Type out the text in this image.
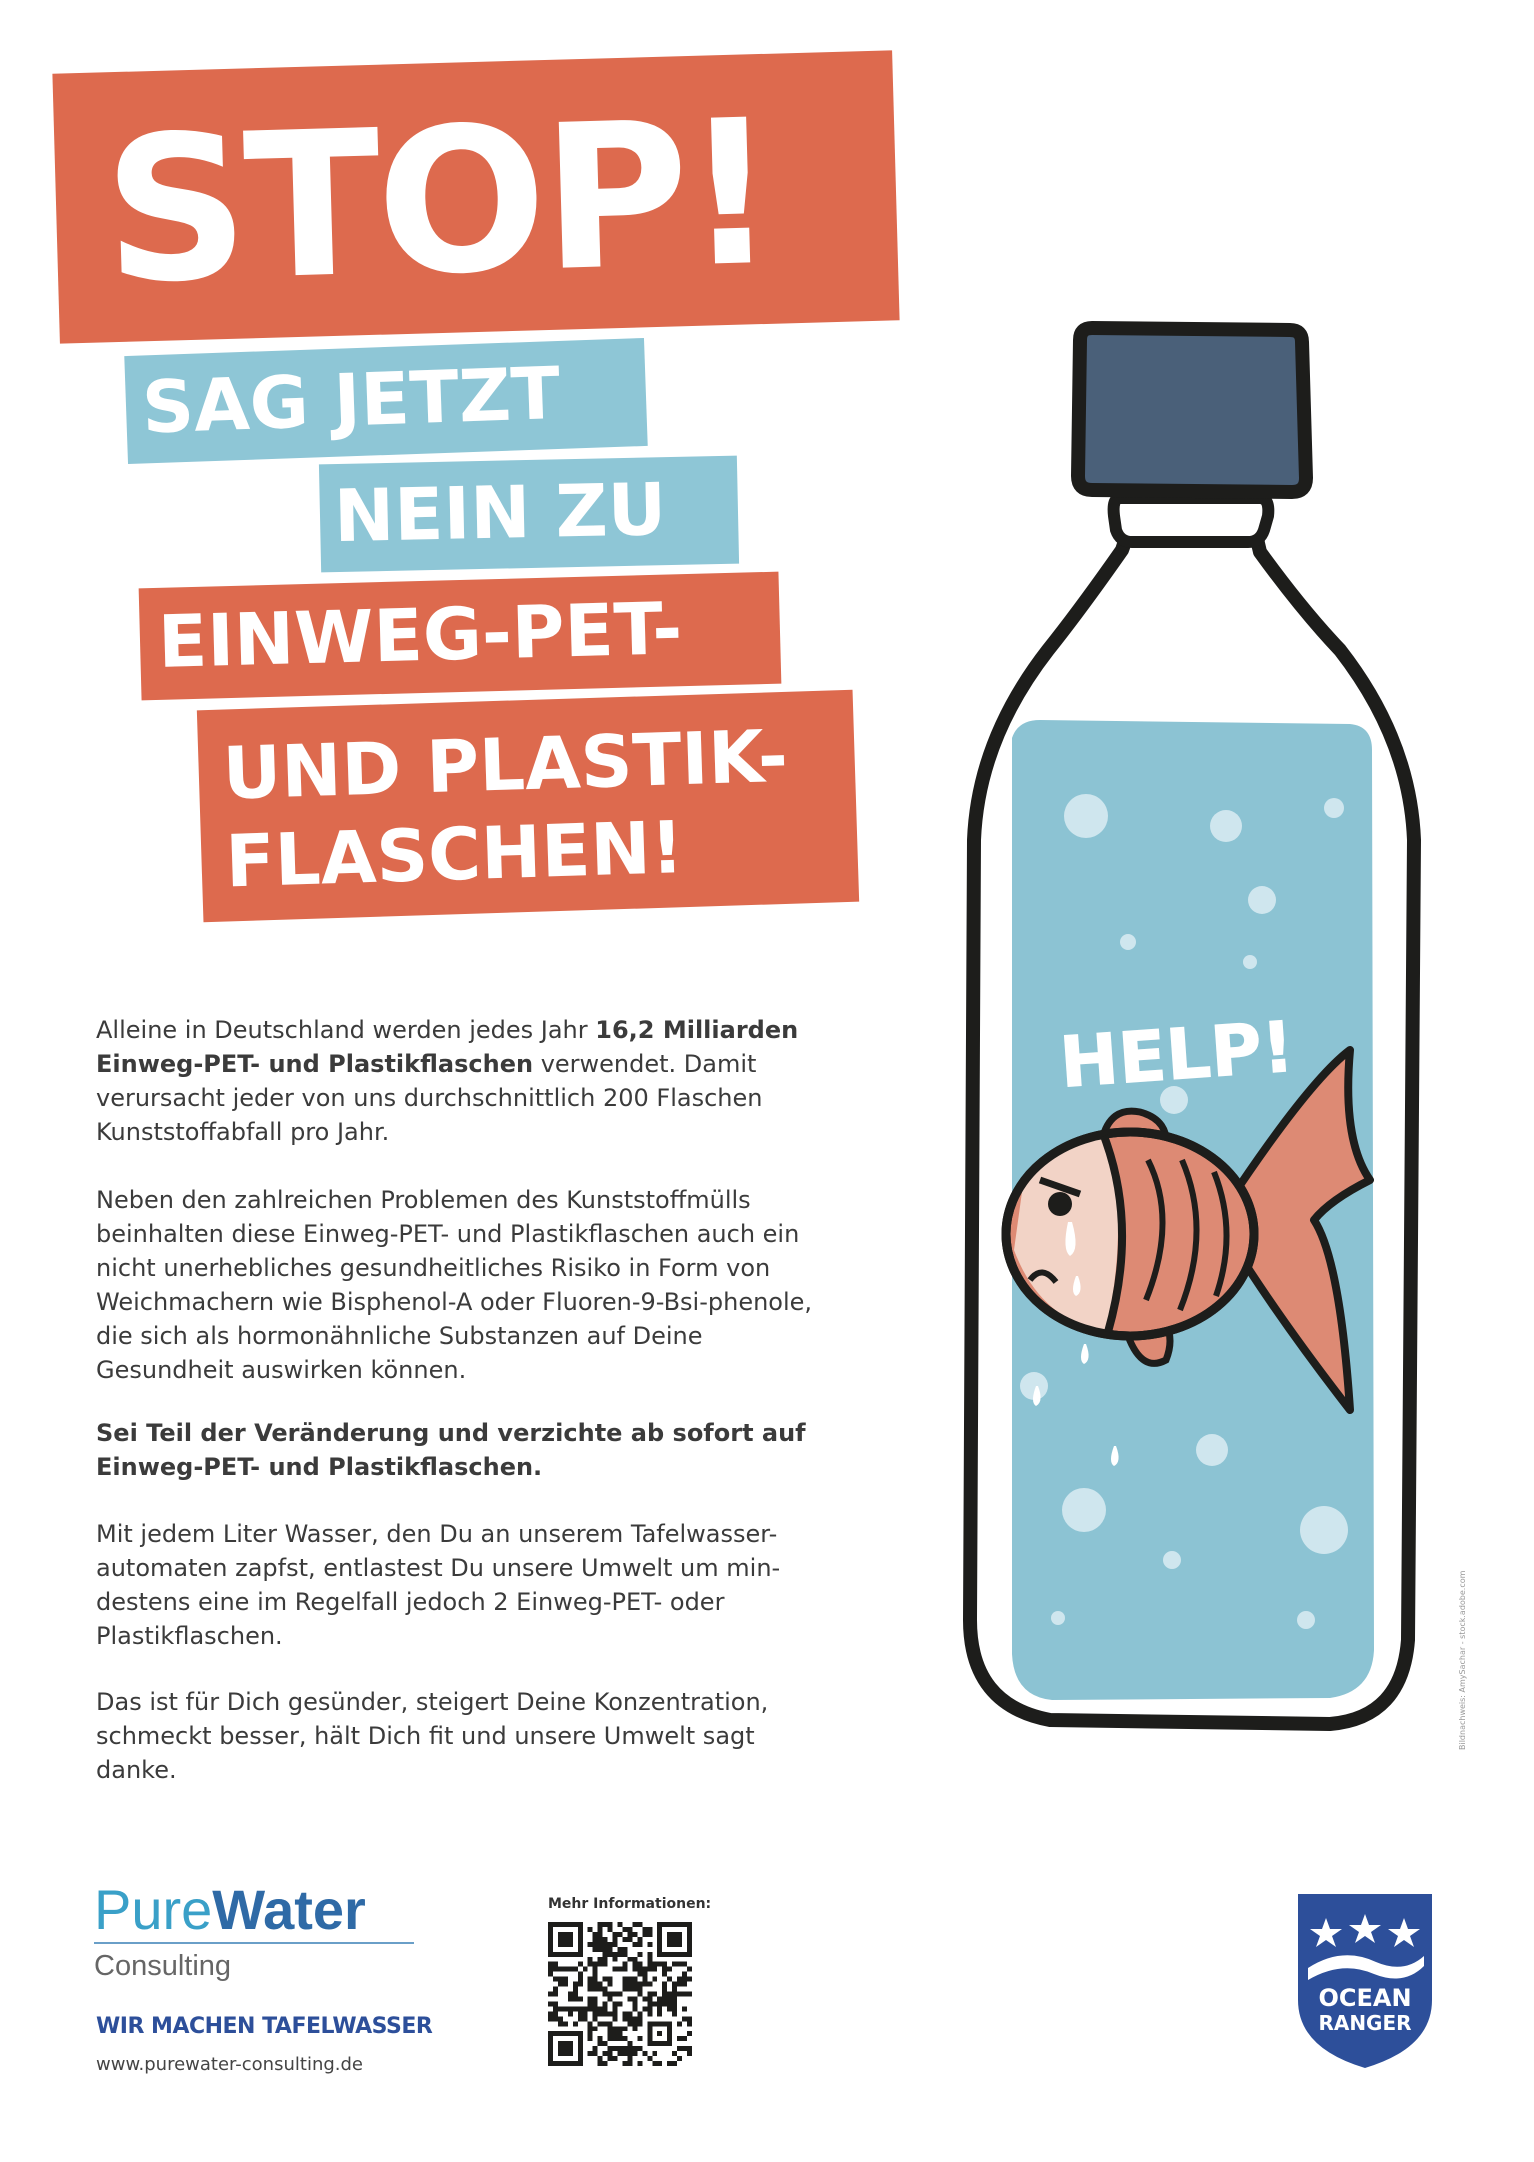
STOP!
SAG JETZT
NEIN ZU
EINWEG-PET-
UND PLASTIK-
FLASCHEN!
Alleine in Deutschland werden jedes Jahr 16,2 Milliarden Einweg-PET- und Plastikflaschen verwendet. Damit verursacht jeder von uns durchschnittlich 200 Flaschen Kunststoffabfall pro Jahr.
Neben den zahlreichen Problemen des Kunststoffmülls beinhalten diese Einweg-PET- und Plastikflaschen auch ein nicht unerhebliches gesundheitliches Risiko in Form von Weichmachern wie Bisphenol-A oder Fluoren-9-Bsi-phenole, die sich als hormonähnliche Substanzen auf Deine Gesundheit auswirken können.
Sei Teil der Veränderung und verzichte ab sofort auf Einweg-PET- und Plastikflaschen.
Mit jedem Liter Wasser, den Du an unserem Tafelwasser-automaten zapfst, entlastest Du unsere Umwelt um min-destens eine im Regelfall jedoch 2 Einweg-PET- oder Plastikflaschen.
Das ist für Dich gesünder, steigert Deine Konzentration, schmeckt besser, hält Dich fit und unsere Umwelt sagt danke.
HELP!
Bildnachweis: AmySachar - stock.adobe.com
PureWater
Consulting
WIR MACHEN TAFELWASSER
www.purewater-consulting.de
Mehr Informationen:
OCEAN
RANGER
